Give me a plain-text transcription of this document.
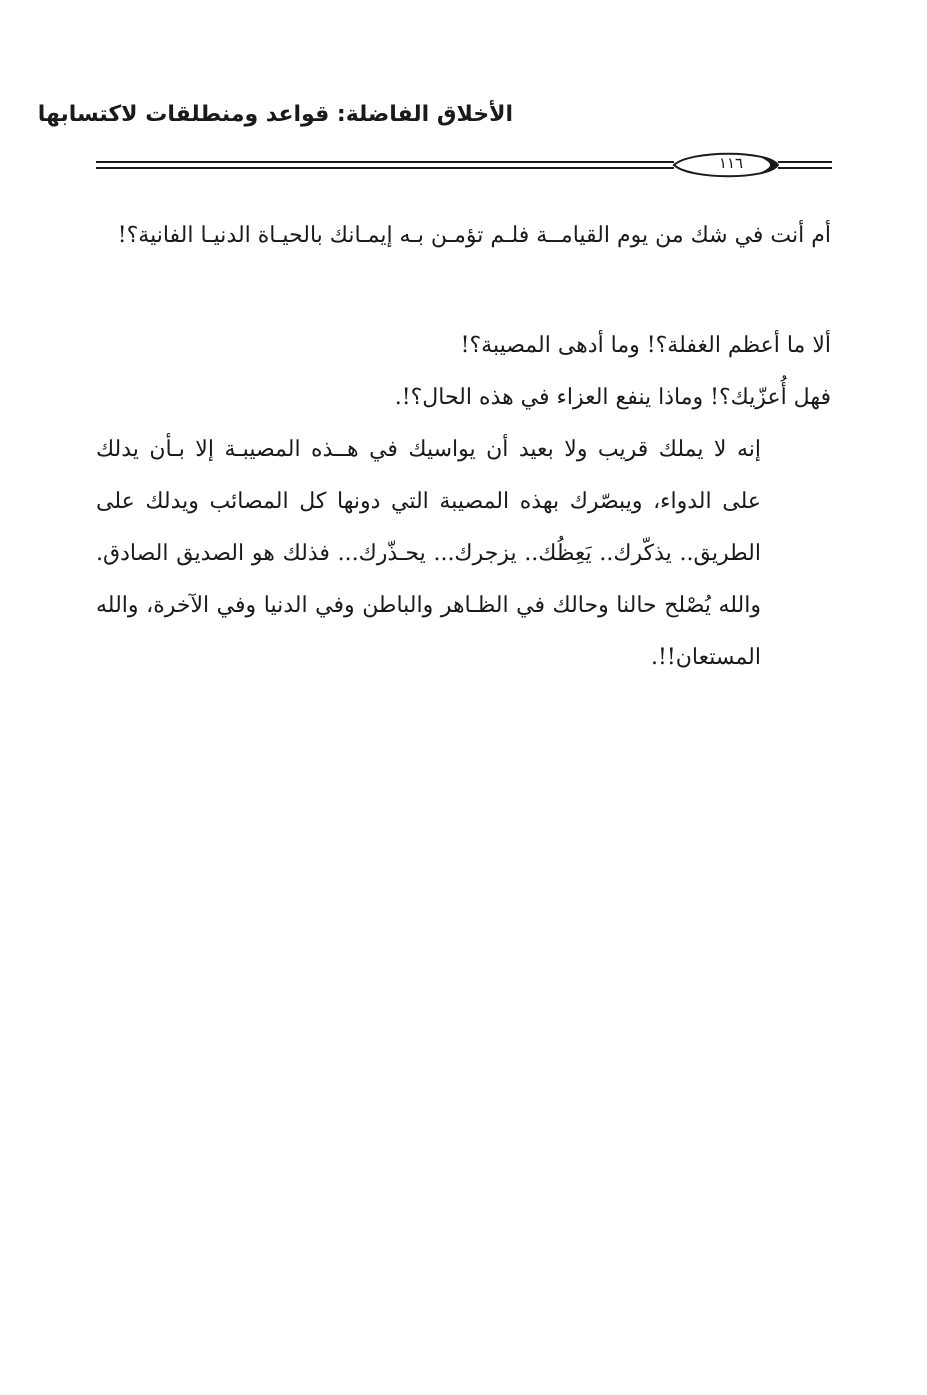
الأخلاق الفاضلة: قواعد ومنطلقات لاكتسابها
١١٦
أم أنت في شك من يوم القيامــة فلـم تؤمـن بـه إيمـانك بالحيـاة الدنيـا الفانية؟!
ألا ما أعظم الغفلة؟! وما أدهى المصيبة؟!
فهل أُعزّيك؟! وماذا ينفع العزاء في هذه الحال؟!.
إنه لا يملك قريب ولا بعيد أن يواسيك في هــذه المصيبـة إلا بـأن يدلك على الدواء، ويبصّرك بهذه المصيبة التي دونها كل المصائب ويدلك على الطريق.. يذكّرك.. يَعِظُك.. يزجرك... يحـذّرك... فذلك هو الصديق الصادق. والله يُصْلح حالنا وحالك في الظـاهر والباطن وفي الدنيا وفي الآخرة، والله المستعان!!.
